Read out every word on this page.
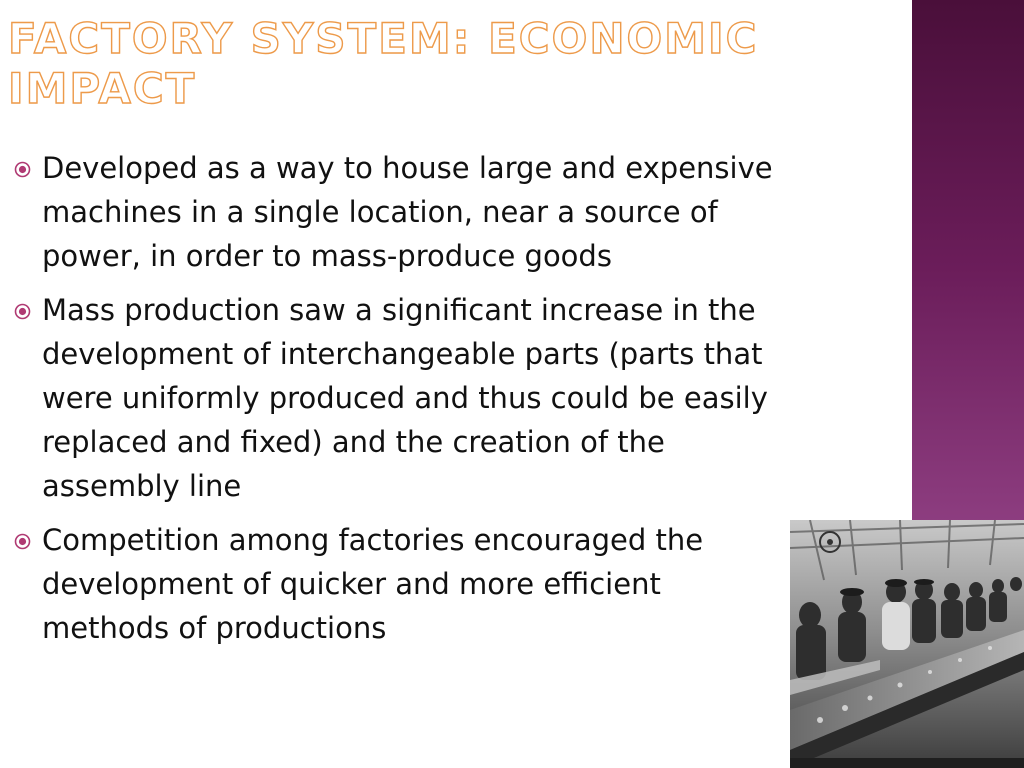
FACTORY SYSTEM: ECONOMIC IMPACT
Developed as a way to house large and expensive machines in a single location, near a source of power, in order to mass-produce goods
Mass production saw a significant increase in the development of interchangeable parts (parts that were uniformly produced and thus could be easily replaced and fixed) and the creation of the assembly line
Competition among factories encouraged the development of quicker and more efficient methods of productions
